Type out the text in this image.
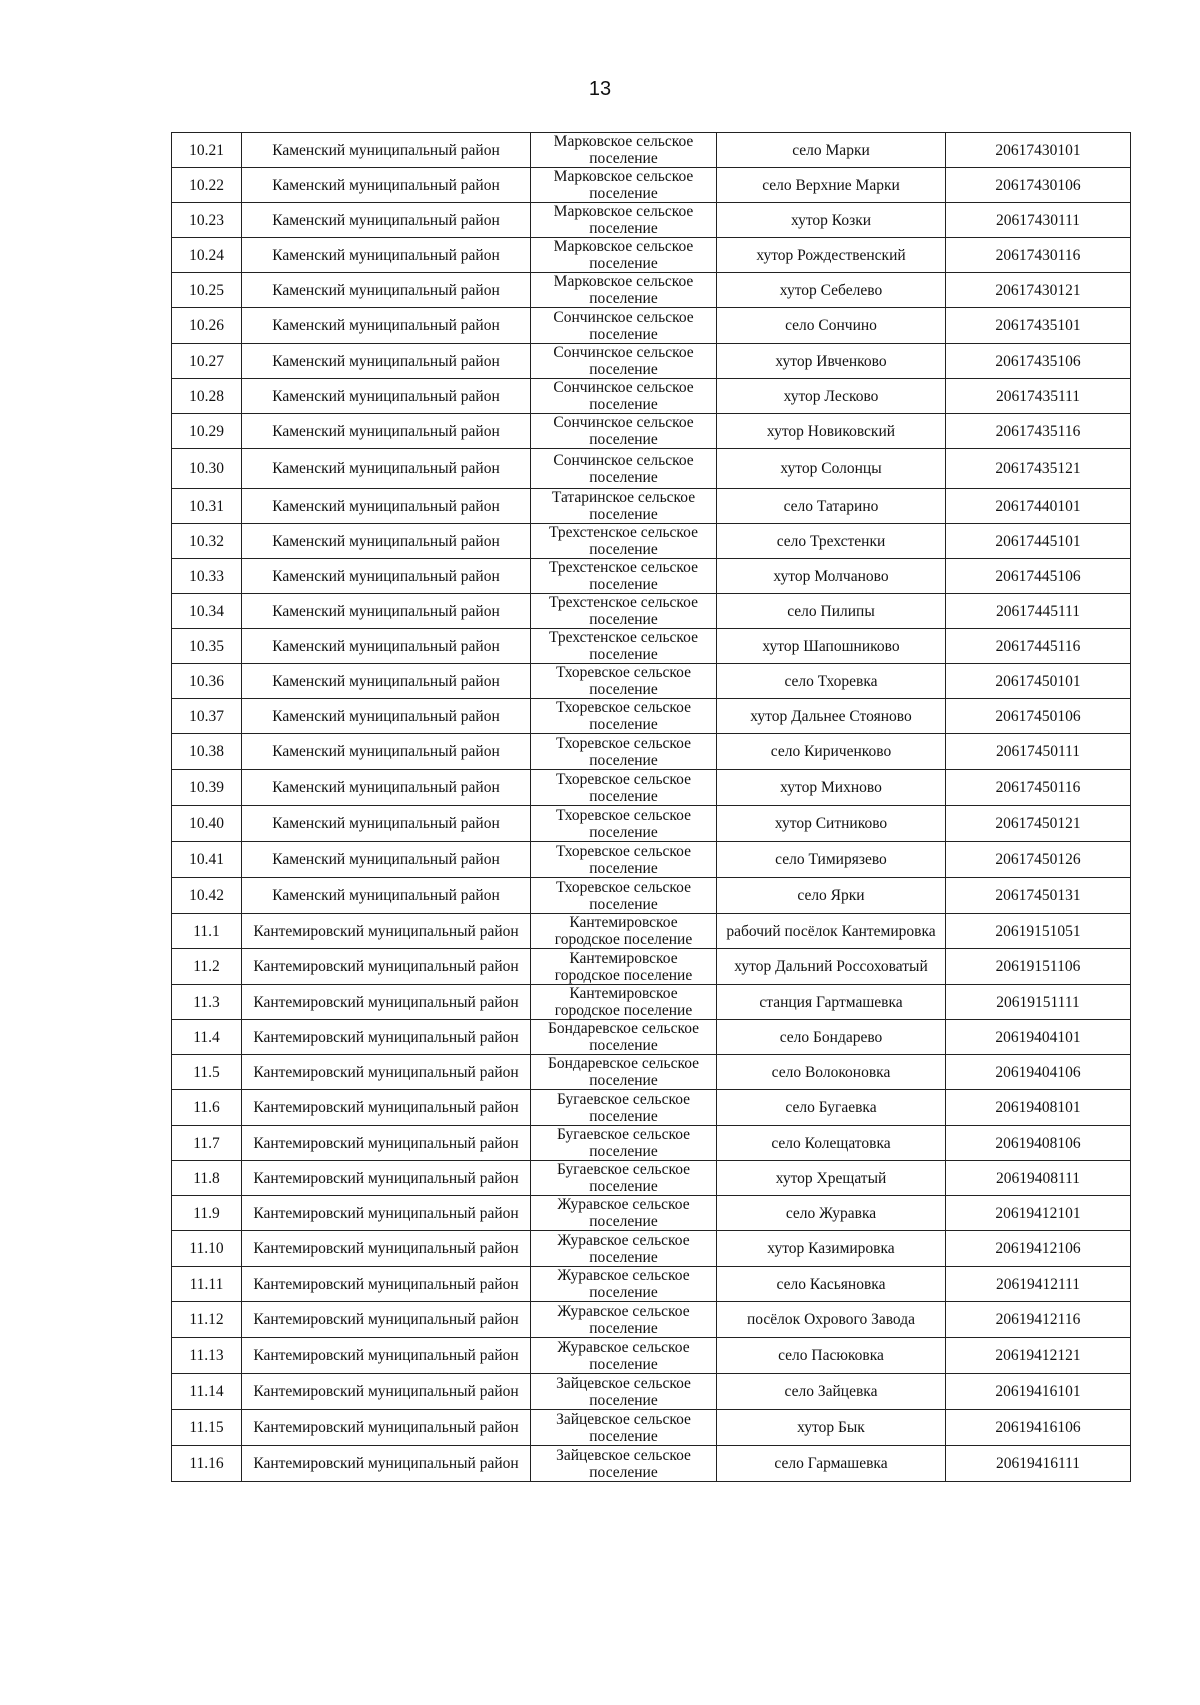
13
10.21	Каменский муниципальный район	Марковское сельское поселение	село Марки	20617430101
10.22	Каменский муниципальный район	Марковское сельское поселение	село Верхние Марки	20617430106
10.23	Каменский муниципальный район	Марковское сельское поселение	хутор Козки	20617430111
10.24	Каменский муниципальный район	Марковское сельское поселение	хутор Рождественский	20617430116
10.25	Каменский муниципальный район	Марковское сельское поселение	хутор Себелево	20617430121
10.26	Каменский муниципальный район	Сончинское сельское поселение	село Сончино	20617435101
10.27	Каменский муниципальный район	Сончинское сельское поселение	хутор Ивченково	20617435106
10.28	Каменский муниципальный район	Сончинское сельское поселение	хутор Лесково	20617435111
10.29	Каменский муниципальный район	Сончинское сельское поселение	хутор Новиковский	20617435116
10.30	Каменский муниципальный район	Сончинское сельское поселение	хутор Солонцы	20617435121
10.31	Каменский муниципальный район	Татаринское сельское поселение	село Татарино	20617440101
10.32	Каменский муниципальный район	Трехстенское сельское поселение	село Трехстенки	20617445101
10.33	Каменский муниципальный район	Трехстенское сельское поселение	хутор Молчаново	20617445106
10.34	Каменский муниципальный район	Трехстенское сельское поселение	село Пилипы	20617445111
10.35	Каменский муниципальный район	Трехстенское сельское поселение	хутор Шапошниково	20617445116
10.36	Каменский муниципальный район	Тхоревское сельское поселение	село Тхоревка	20617450101
10.37	Каменский муниципальный район	Тхоревское сельское поселение	хутор Дальнее Стояново	20617450106
10.38	Каменский муниципальный район	Тхоревское сельское поселение	село Кириченково	20617450111
10.39	Каменский муниципальный район	Тхоревское сельское поселение	хутор Михново	20617450116
10.40	Каменский муниципальный район	Тхоревское сельское поселение	хутор Ситниково	20617450121
10.41	Каменский муниципальный район	Тхоревское сельское поселение	село Тимирязево	20617450126
10.42	Каменский муниципальный район	Тхоревское сельское поселение	село Ярки	20617450131
11.1	Кантемировский муниципальный район	Кантемировское городское поселение	рабочий посёлок Кантемировка	20619151051
11.2	Кантемировский муниципальный район	Кантемировское городское поселение	хутор Дальний Россоховатый	20619151106
11.3	Кантемировский муниципальный район	Кантемировское городское поселение	станция Гартмашевка	20619151111
11.4	Кантемировский муниципальный район	Бондаревское сельское поселение	село Бондарево	20619404101
11.5	Кантемировский муниципальный район	Бондаревское сельское поселение	село Волоконовка	20619404106
11.6	Кантемировский муниципальный район	Бугаевское сельское поселение	село Бугаевка	20619408101
11.7	Кантемировский муниципальный район	Бугаевское сельское поселение	село Колещатовка	20619408106
11.8	Кантемировский муниципальный район	Бугаевское сельское поселение	хутор Хрещатый	20619408111
11.9	Кантемировский муниципальный район	Журавское сельское поселение	село Журавка	20619412101
11.10	Кантемировский муниципальный район	Журавское сельское поселение	хутор Казимировка	20619412106
11.11	Кантемировский муниципальный район	Журавское сельское поселение	село Касьяновка	20619412111
11.12	Кантемировский муниципальный район	Журавское сельское поселение	посёлок Охрового Завода	20619412116
11.13	Кантемировский муниципальный район	Журавское сельское поселение	село Пасюковка	20619412121
11.14	Кантемировский муниципальный район	Зайцевское сельское поселение	село Зайцевка	20619416101
11.15	Кантемировский муниципальный район	Зайцевское сельское поселение	хутор Бык	20619416106
11.16	Кантемировский муниципальный район	Зайцевское сельское поселение	село Гармашевка	20619416111
